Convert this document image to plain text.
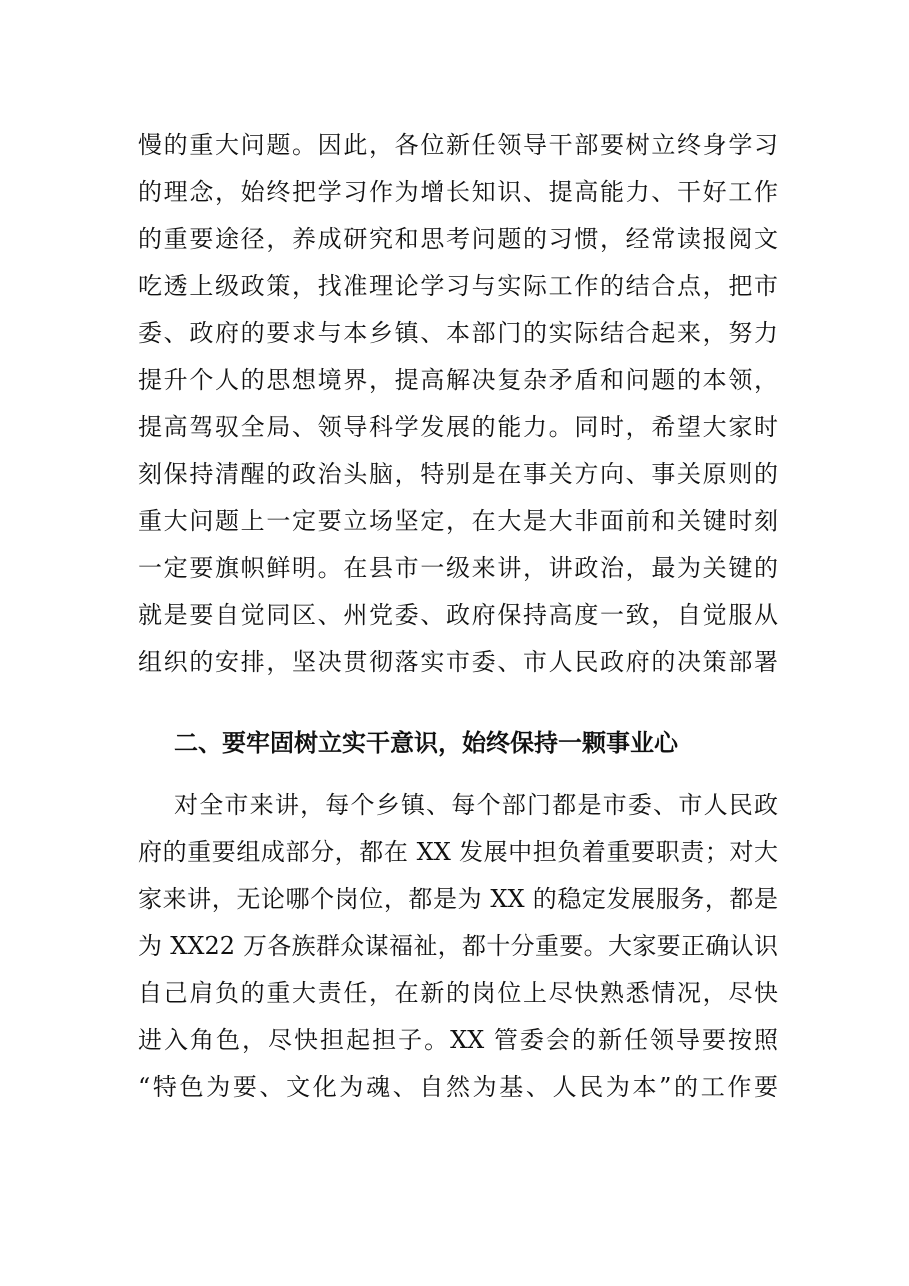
慢的重大问题。因此，各位新任领导干部要树立终身学习
的理念，始终把学习作为增长知识、提高能力、干好工作
的重要途径，养成研究和思考问题的习惯，经常读报阅文
吃透上级政策，找准理论学习与实际工作的结合点，把市
委、政府的要求与本乡镇、本部门的实际结合起来，努力
提升个人的思想境界，提高解决复杂矛盾和问题的本领，
提高驾驭全局、领导科学发展的能力。同时，希望大家时
刻保持清醒的政治头脑，特别是在事关方向、事关原则的
重大问题上一定要立场坚定，在大是大非面前和关键时刻
一定要旗帜鲜明。在县市一级来讲，讲政治，最为关键的
就是要自觉同区、州党委、政府保持高度一致，自觉服从
组织的安排，坚决贯彻落实市委、市人民政府的决策部署
二、要牢固树立实干意识，始终保持一颗事业心
对全市来讲，每个乡镇、每个部门都是市委、市人民政
府的重要组成部分，都在 XX 发展中担负着重要职责；对大
家来讲，无论哪个岗位，都是为 XX 的稳定发展服务，都是
为 XX22 万各族群众谋福祉，都十分重要。大家要正确认识
自己肩负的重大责任，在新的岗位上尽快熟悉情况，尽快
进入角色，尽快担起担子。XX 管委会的新任领导要按照
“特色为要、文化为魂、自然为基、人民为本”的工作要
